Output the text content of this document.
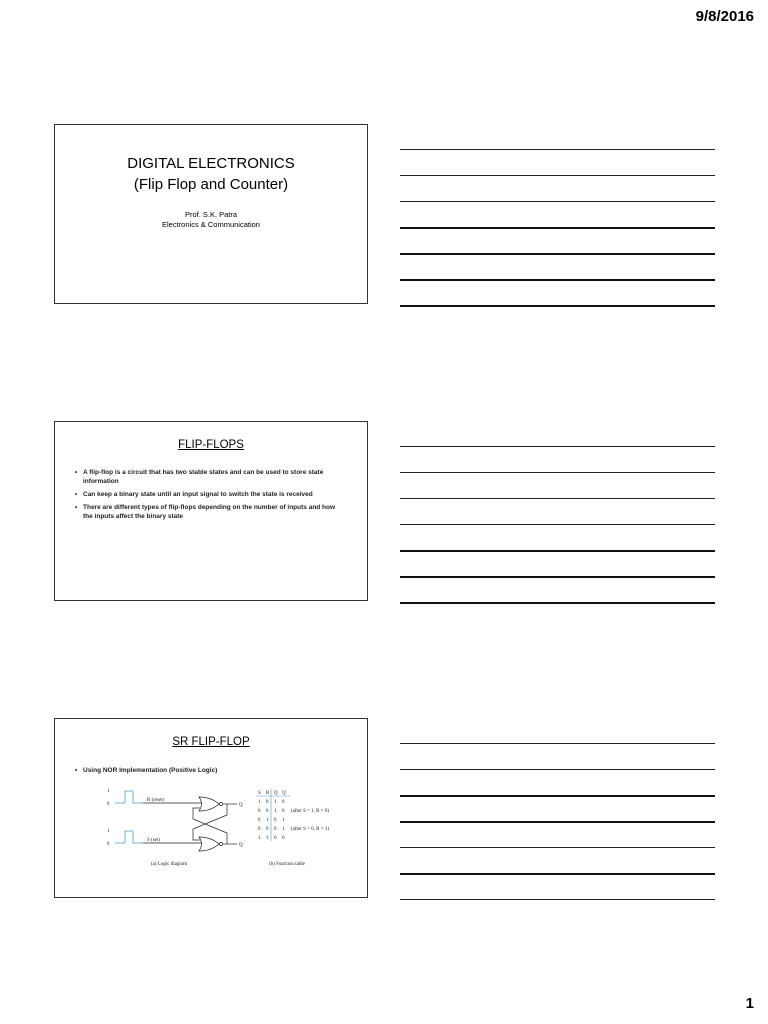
9/8/2016
DIGITAL ELECTRONICS
(Flip Flop and Counter)
Prof. S.K. Patra
Electronics & Communication
FLIP-FLOPS
• A flip-flop is a circuit that has two stable states and can be used to store state information
• Can keep a binary state until an input signal to switch the state is received
• There are different types of flip-flops depending on the number of inputs and how the inputs affect the binary state
SR FLIP-FLOP
• Using NOR Implementation (Positive Logic)
1
0
1
0
R (reset)
S (set)
Q
Q'
(a) Logic diagram	(b) Function table
S R Q Q'
1 0 1 0
0 0 1 0 (after S = 1, R = 0)
0 1 0 1
0 0 0 1 (after S = 0, R = 1)
1 1 0 0
1
